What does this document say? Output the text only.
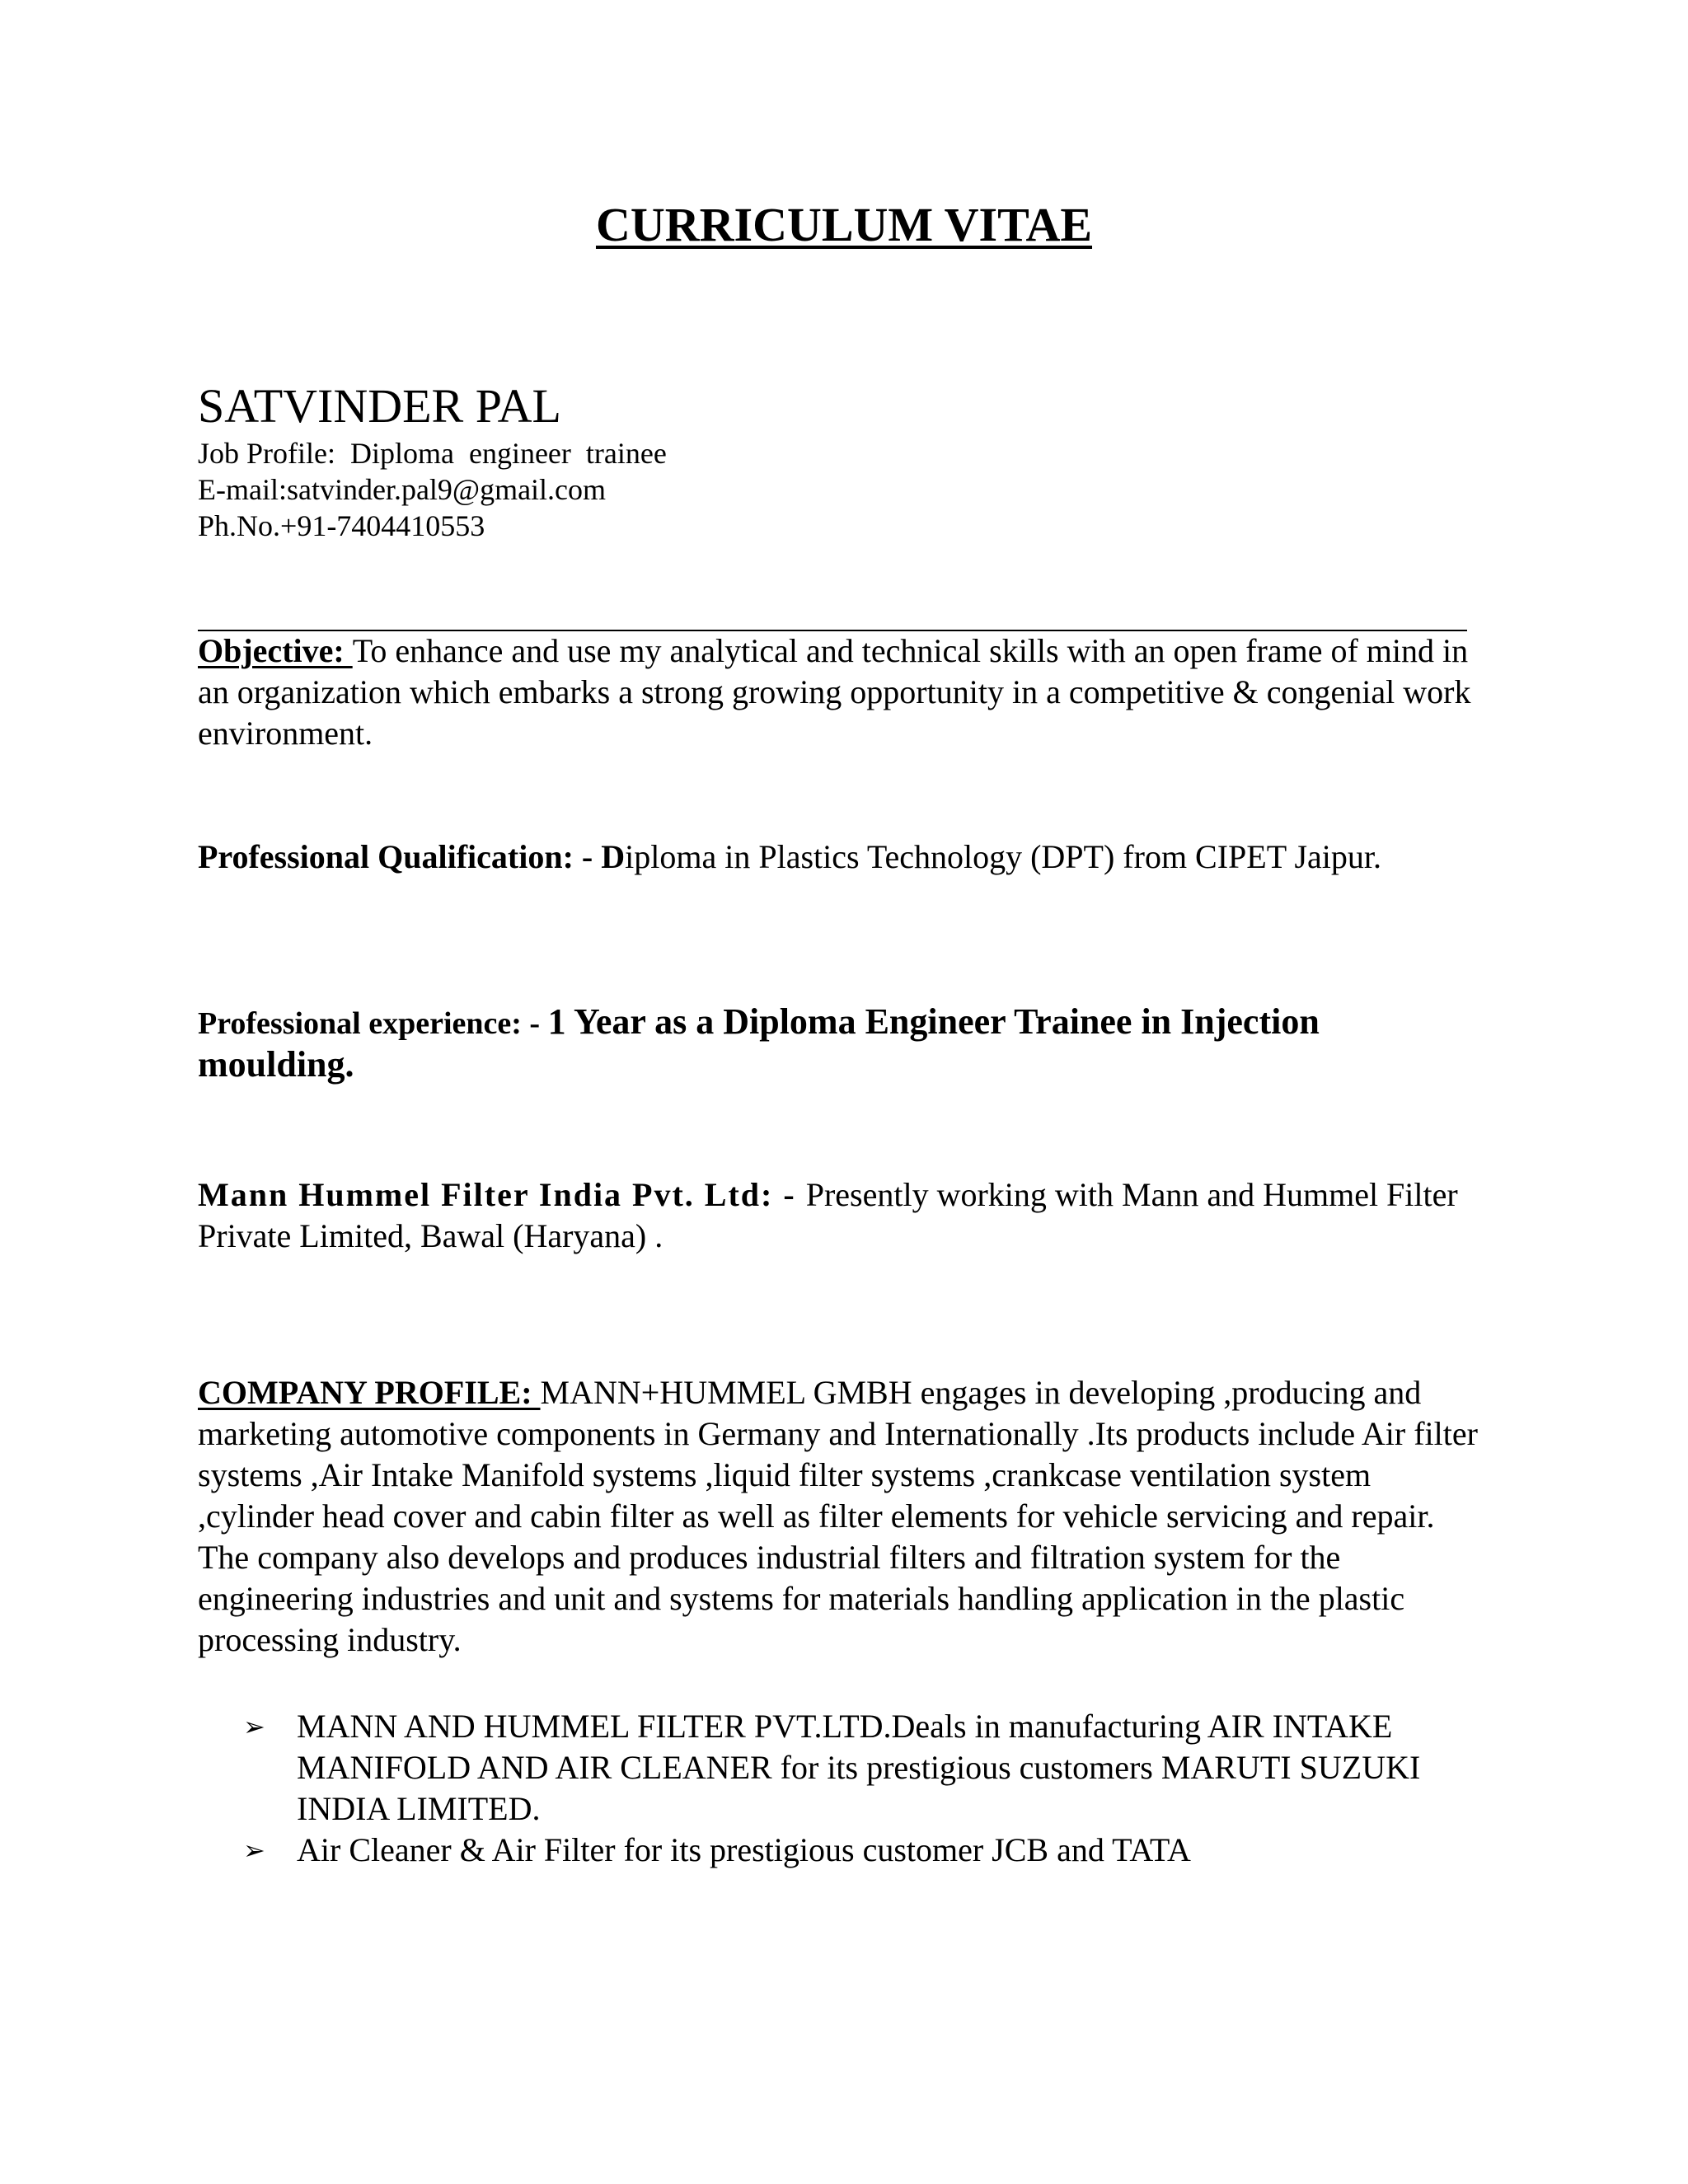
CURRICULUM VITAE
SATVINDER PAL
Job Profile:  Diploma  engineer  trainee
E-mail:satvinder.pal9@gmail.com
Ph.No.+91-7404410553
Objective: To enhance and use my analytical and technical skills with an open frame of mind in an organization which embarks a strong growing opportunity in a competitive & congenial work environment.
Professional Qualification: - Diploma in Plastics Technology (DPT) from CIPET Jaipur.
Professional experience: - 1 Year as a Diploma Engineer Trainee in Injection moulding.
Mann Hummel Filter India Pvt. Ltd: - Presently working with Mann and Hummel Filter Private Limited, Bawal (Haryana) .
COMPANY PROFILE: MANN+HUMMEL GMBH engages in developing ,producing and marketing automotive components in Germany and Internationally .Its products include Air filter systems ,Air Intake Manifold systems ,liquid filter systems ,crankcase ventilation system ,cylinder head cover and cabin filter as well as filter elements for vehicle servicing and repair. The company also develops and produces industrial filters and filtration system for the engineering industries and unit and systems for materials handling application in the plastic processing industry.
➢ MANN AND HUMMEL FILTER PVT.LTD.Deals in manufacturing AIR INTAKE MANIFOLD AND AIR CLEANER for its prestigious customers MARUTI SUZUKI INDIA LIMITED.
➢ Air Cleaner & Air Filter for its prestigious customer JCB and TATA
